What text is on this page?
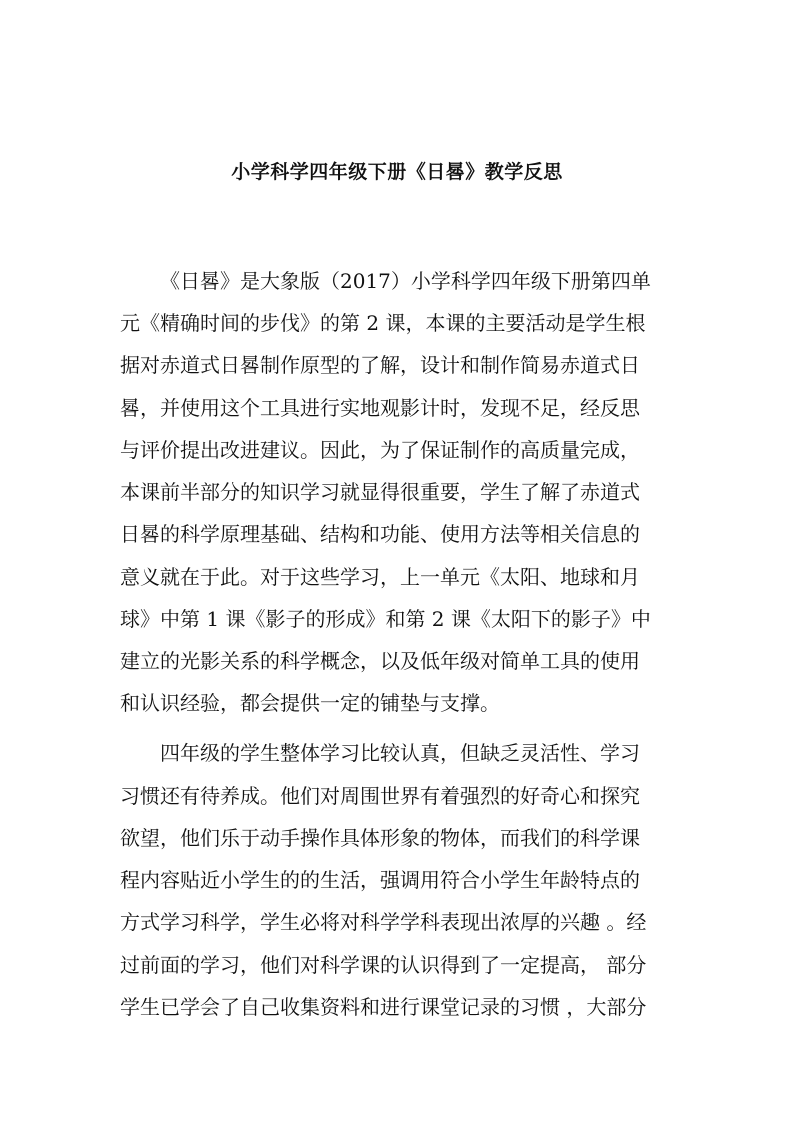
小学科学四年级下册《日晷》教学反思
《日晷》是大象版（2017）小学科学四年级下册第四单
元《精确时间的步伐》的第 2 课，本课的主要活动是学生根
据对赤道式日晷制作原型的了解，设计和制作简易赤道式日
晷，并使用这个工具进行实地观影计时，发现不足，经反思
与评价提出改进建议。因此，为了保证制作的高质量完成，
本课前半部分的知识学习就显得很重要，学生了解了赤道式
日晷的科学原理基础、结构和功能、使用方法等相关信息的
意义就在于此。对于这些学习，上一单元《太阳、地球和月
球》中第 1 课《影子的形成》和第 2 课《太阳下的影子》中
建立的光影关系的科学概念，以及低年级对简单工具的使用
和认识经验，都会提供一定的铺垫与支撑。
四年级的学生整体学习比较认真，但缺乏灵活性、学习
习惯还有待养成。他们对周围世界有着强烈的好奇心和探究
欲望，他们乐于动手操作具体形象的物体，而我们的科学课
程内容贴近小学生的的生活，强调用符合小学生年龄特点的
方式学习科学，学生必将对科学学科表现出浓厚的兴趣 。经
过前面的学习，他们对科学课的认识得到了一定提高， 部分
学生已学会了自己收集资料和进行课堂记录的习惯 ，大部分
